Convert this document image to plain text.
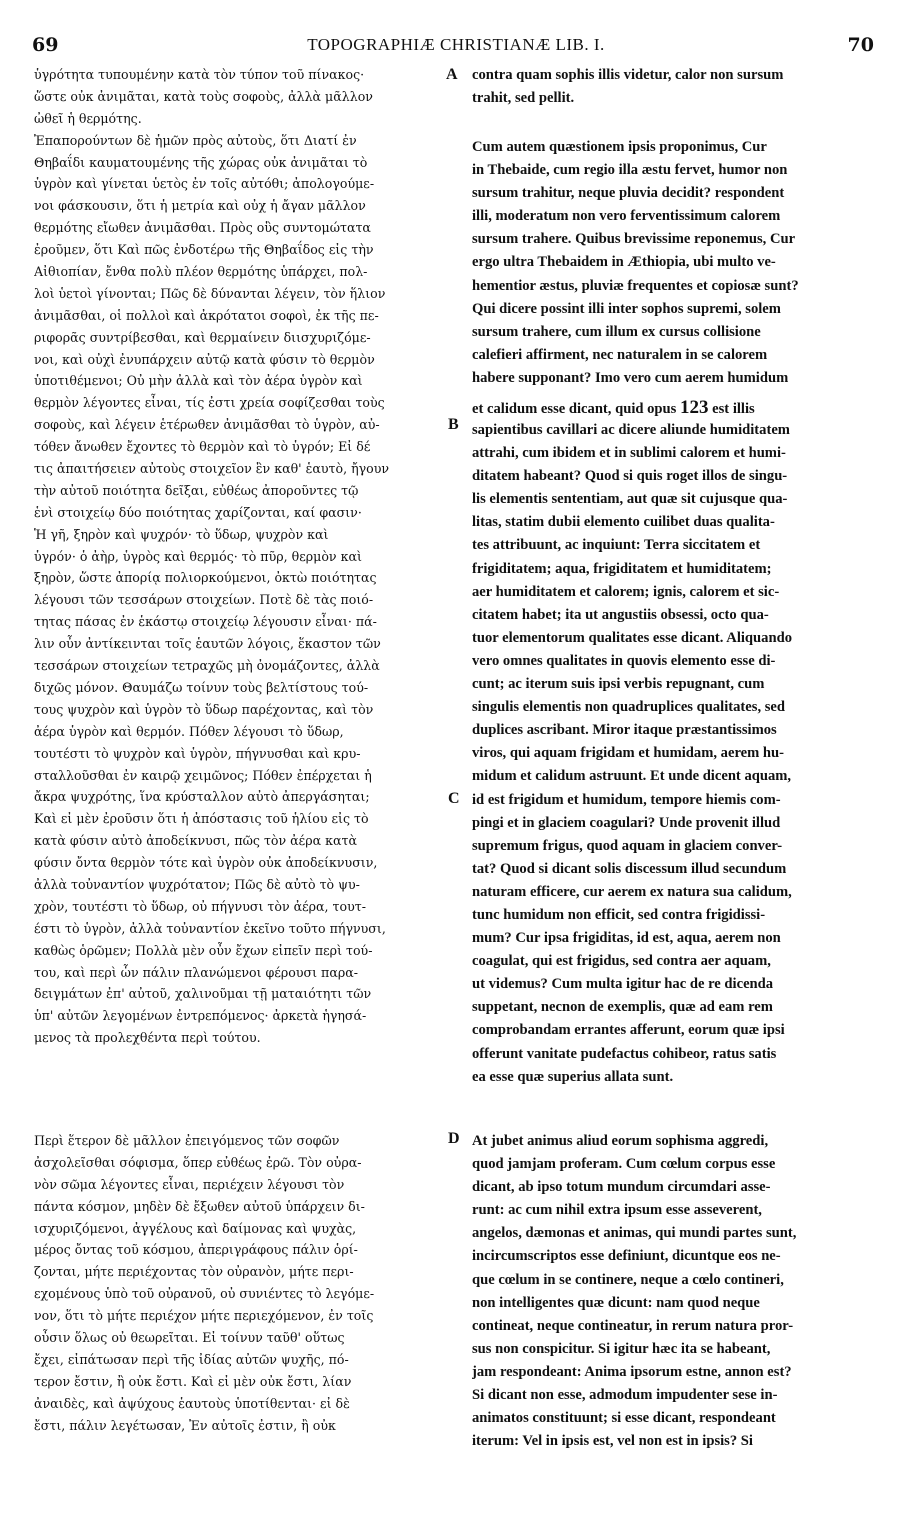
69	TOPOGRAPHIÆ CHRISTIANÆ LIB. I.	70
A
B
C
D
ὑγρότητα τυπουμένην κατὰ τὸν τύπον τοῦ πίνακος·
ὥστε οὐκ ἀνιμᾶται, κατὰ τοὺς σοφοὺς, ἀλλὰ μᾶλλον
ὠθεῖ ἡ θερμότης.
Ἐπαπορούντων δὲ ἡμῶν πρὸς αὐτοὺς, ὅτι Διατί ἐν
Θηβαΐδι καυματουμένης τῆς χώρας οὐκ ἀνιμᾶται τὸ
ὑγρὸν καὶ γίνεται ὑετὸς ἐν τοῖς αὐτόθι; ἀπολογούμε-
νοι φάσκουσιν, ὅτι ἡ μετρία καὶ οὐχ ἡ ἄγαν μᾶλλον
θερμότης εἴωθεν ἀνιμᾶσθαι. Πρὸς οὓς συντομώτατα
ἐροῦμεν, ὅτι Καὶ πῶς ἐνδοτέρω τῆς Θηβαΐδος εἰς τὴν
Αἰθιοπίαν, ἔνθα πολὺ πλέον θερμότης ὑπάρχει, πολ-
λοὶ ὑετοὶ γίνονται; Πῶς δὲ δύνανται λέγειν, τὸν ἥλιον
ἀνιμᾶσθαι, οἱ πολλοὶ καὶ ἀκρότατοι σοφοὶ, ἐκ τῆς πε-
ριφορᾶς συντρίβεσθαι, καὶ θερμαίνειν διισχυριζόμε-
νοι, καὶ οὐχὶ ἐνυπάρχειν αὐτῷ κατὰ φύσιν τὸ θερμὸν
ὑποτιθέμενοι; Οὐ μὴν ἀλλὰ καὶ τὸν ἀέρα ὑγρὸν καὶ
θερμὸν λέγοντες εἶναι, τίς ἐστι χρεία σοφίζεσθαι τοὺς
σοφοὺς, καὶ λέγειν ἑτέρωθεν ἀνιμᾶσθαι τὸ ὑγρὸν, αὐ-
τόθεν ἄνωθεν ἔχοντες τὸ θερμὸν καὶ τὸ ὑγρόν; Εἰ δέ
τις ἀπαιτήσειεν αὐτοὺς στοιχεῖον ἓν καθ' ἑαυτὸ, ἤγουν
τὴν αὐτοῦ ποιότητα δεῖξαι, εὐθέως ἀποροῦντες τῷ
ἑνὶ στοιχείῳ δύο ποιότητας χαρίζονται, καί φασιν·
Ἡ γῆ, ξηρὸν καὶ ψυχρόν· τὸ ὕδωρ, ψυχρὸν καὶ
ὑγρόν· ὁ ἀὴρ, ὑγρὸς καὶ θερμός· τὸ πῦρ, θερμὸν καὶ
ξηρὸν, ὥστε ἀπορίᾳ πολιορκούμενοι, ὀκτὼ ποιότητας
λέγουσι τῶν τεσσάρων στοιχείων. Ποτὲ δὲ τὰς ποιό-
τητας πάσας ἐν ἑκάστῳ στοιχείῳ λέγουσιν εἶναι· πά-
λιν οὖν ἀντίκεινται τοῖς ἑαυτῶν λόγοις, ἕκαστον τῶν
τεσσάρων στοιχείων τετραχῶς μὴ ὀνομάζοντες, ἀλλὰ
διχῶς μόνον. Θαυμάζω τοίνυν τοὺς βελτίστους τού-
τους ψυχρὸν καὶ ὑγρὸν τὸ ὕδωρ παρέχοντας, καὶ τὸν
ἀέρα ὑγρὸν καὶ θερμόν. Πόθεν λέγουσι τὸ ὕδωρ,
τουτέστι τὸ ψυχρὸν καὶ ὑγρὸν, πήγνυσθαι καὶ κρυ-
σταλλοῦσθαι ἐν καιρῷ χειμῶνος; Πόθεν ἐπέρχεται ἡ
ἄκρα ψυχρότης, ἵνα κρύσταλλον αὐτὸ ἀπεργάσηται;
Καὶ εἰ μὲν ἐροῦσιν ὅτι ἡ ἀπόστασις τοῦ ἡλίου εἰς τὸ
κατὰ φύσιν αὐτὸ ἀποδείκνυσι, πῶς τὸν ἀέρα κατὰ
φύσιν ὄντα θερμὸν τότε καὶ ὑγρὸν οὐκ ἀποδείκνυσιν,
ἀλλὰ τοὐναντίον ψυχρότατον; Πῶς δὲ αὐτὸ τὸ ψυ-
χρὸν, τουτέστι τὸ ὕδωρ, οὐ πήγνυσι τὸν ἀέρα, τουτ-
έστι τὸ ὑγρὸν, ἀλλὰ τοὐναντίον ἐκεῖνο τοῦτο πήγνυσι,
καθὼς ὁρῶμεν; Πολλὰ μὲν οὖν ἔχων εἰπεῖν περὶ τού-
του, καὶ περὶ ὧν πάλιν πλανώμενοι φέρουσι παρα-
δειγμάτων ἐπ' αὐτοῦ, χαλινοῦμαι τῇ ματαιότητι τῶν
ὑπ' αὐτῶν λεγομένων ἐντρεπόμενος· ἀρκετὰ ἡγησά-
μενος τὰ προλεχθέντα περὶ τούτου.
Περὶ ἕτερον δὲ μᾶλλον ἐπειγόμενος τῶν σοφῶν
ἀσχολεῖσθαι σόφισμα, ὅπερ εὐθέως ἐρῶ. Τὸν οὐρα-
νὸν σῶμα λέγοντες εἶναι, περιέχειν λέγουσι τὸν
πάντα κόσμον, μηδὲν δὲ ἔξωθεν αὐτοῦ ὑπάρχειν δι-
ισχυριζόμενοι, ἀγγέλους καὶ δαίμονας καὶ ψυχὰς,
μέρος ὄντας τοῦ κόσμου, ἀπεριγράφους πάλιν ὁρί-
ζονται, μήτε περιέχοντας τὸν οὐρανὸν, μήτε περι-
εχομένους ὑπὸ τοῦ οὐρανοῦ, οὐ συνιέντες τὸ λεγόμε-
νον, ὅτι τὸ μήτε περιέχον μήτε περιεχόμενον, ἐν τοῖς
οὖσιν ὅλως οὐ θεωρεῖται. Εἰ τοίνυν ταῦθ' οὕτως
ἔχει, εἰπάτωσαν περὶ τῆς ἰδίας αὐτῶν ψυχῆς, πό-
τερον ἔστιν, ἢ οὐκ ἔστι. Καὶ εἰ μὲν οὐκ ἔστι, λίαν
ἀναιδὲς, καὶ ἀψύχους ἑαυτοὺς ὑποτίθενται· εἰ δὲ
ἔστι, πάλιν λεγέτωσαν, Ἐν αὐτοῖς ἐστιν, ἢ οὐκ
contra quam sophis illis videtur, calor non sursum
trahit, sed pellit.
Cum autem quæstionem ipsis proponimus, Cur
in Thebaide, cum regio illa æstu fervet, humor non
sursum trahitur, neque pluvia decidit? respondent
illi, moderatum non vero ferventissimum calorem
sursum trahere. Quibus brevissime reponemus, Cur
ergo ultra Thebaidem in Æthiopia, ubi multo ve-
hementior æstus, pluviæ frequentes et copiosæ sunt?
Qui dicere possint illi inter sophos supremi, solem
sursum trahere, cum illum ex cursus collisione
calefieri affirment, nec naturalem in se calorem
habere supponant? Imo vero cum aerem humidum
et calidum esse dicant, quid opus 123 est illis
sapientibus cavillari ac dicere aliunde humiditatem
attrahi, cum ibidem et in sublimi calorem et humi-
ditatem habeant? Quod si quis roget illos de singu-
lis elementis sententiam, aut quæ sit cujusque qua-
litas, statim dubii elemento cuilibet duas qualita-
tes attribuunt, ac inquiunt: Terra siccitatem et
frigiditatem; aqua, frigiditatem et humiditatem;
aer humiditatem et calorem; ignis, calorem et sic-
citatem habet; ita ut angustiis obsessi, octo qua-
tuor elementorum qualitates esse dicant. Aliquando
vero omnes qualitates in quovis elemento esse di-
cunt; ac iterum suis ipsi verbis repugnant, cum
singulis elementis non quadruplices qualitates, sed
duplices ascribant. Miror itaque præstantissimos
viros, qui aquam frigidam et humidam, aerem hu-
midum et calidum astruunt. Et unde dicent aquam,
id est frigidum et humidum, tempore hiemis com-
pingi et in glaciem coagulari? Unde provenit illud
supremum frigus, quod aquam in glaciem conver-
tat? Quod si dicant solis discessum illud secundum
naturam efficere, cur aerem ex natura sua calidum,
tunc humidum non efficit, sed contra frigidissi-
mum? Cur ipsa frigiditas, id est, aqua, aerem non
coagulat, qui est frigidus, sed contra aer aquam,
ut videmus? Cum multa igitur hac de re dicenda
suppetant, necnon de exemplis, quæ ad eam rem
comprobandam errantes afferunt, eorum quæ ipsi
offerunt vanitate pudefactus cohibeor, ratus satis
ea esse quæ superius allata sunt.
At jubet animus aliud eorum sophisma aggredi,
quod jamjam proferam. Cum cœlum corpus esse
dicant, ab ipso totum mundum circumdari asse-
runt: ac cum nihil extra ipsum esse asseverent,
angelos, dæmonas et animas, qui mundi partes sunt,
incircumscriptos esse definiunt, dicuntque eos ne-
que cœlum in se continere, neque a cœlo contineri,
non intelligentes quæ dicunt: nam quod neque
contineat, neque contineatur, in rerum natura pror-
sus non conspicitur. Si igitur hæc ita se habeant,
jam respondeant: Anima ipsorum estne, annon est?
Si dicant non esse, admodum impudenter sese in-
animatos constituunt; si esse dicant, respondeant
iterum: Vel in ipsis est, vel non est in ipsis? Si
